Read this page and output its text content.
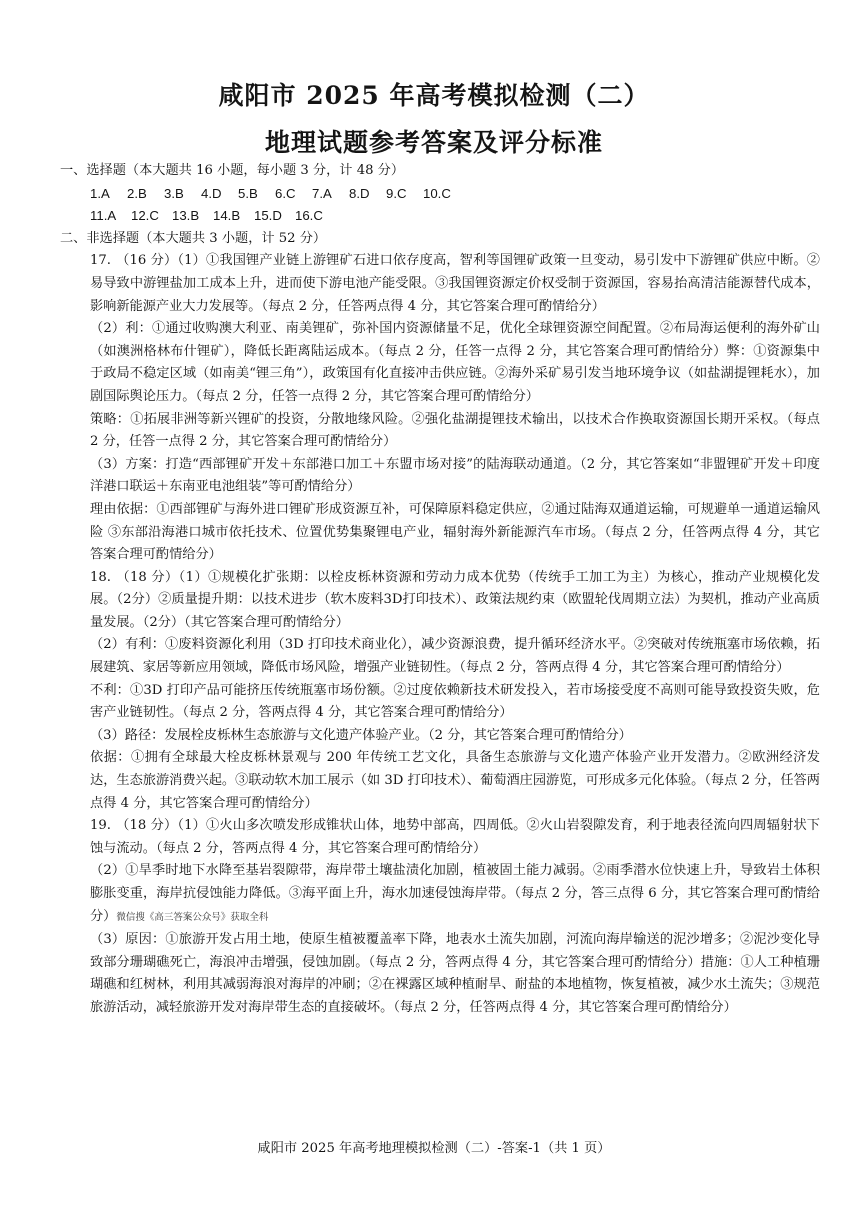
咸阳市 2025 年高考模拟检测（二）
地理试题参考答案及评分标准

一、选择题（本大题共 16 小题，每小题 3 分，计 48 分）

1.A 2.B 3.B 4.D 5.B 6.C 7.A 8.D 9.C 10.C
11.A 12.C 13.B 14.B 15.D 16.C

二、非选择题（本大题共 3 小题，计 52 分）

17. （16 分）（1）①我国锂产业链上游锂矿石进口依存度高，智利等国锂矿政策一旦变动，易引发中下游锂矿供应中断。②易导致中游锂盐加工成本上升，进而使下游电池产能受限。③我国锂资源定价权受制于资源国，容易抬高清洁能源替代成本，影响新能源产业大力发展等。（每点 2 分，任答两点得 4 分，其它答案合理可酌情给分）

（2）利：①通过收购澳大利亚、南美锂矿，弥补国内资源储量不足，优化全球锂资源空间配置。②布局海运便利的海外矿山（如澳洲格林布什锂矿），降低长距离陆运成本。（每点 2 分，任答一点得 2 分，其它答案合理可酌情给分）弊：①资源集中于政局不稳定区域（如南美“锂三角”），政策国有化直接冲击供应链。②海外采矿易引发当地环境争议（如盐湖提锂耗水），加剧国际舆论压力。（每点 2 分，任答一点得 2 分，其它答案合理可酌情给分）

策略：①拓展非洲等新兴锂矿的投资，分散地缘风险。②强化盐湖提锂技术输出，以技术合作换取资源国长期开采权。（每点 2 分，任答一点得 2 分，其它答案合理可酌情给分）

（3）方案：打造“西部锂矿开发＋东部港口加工＋东盟市场对接”的陆海联动通道。（2 分，其它答案如“非盟锂矿开发＋印度洋港口联运＋东南亚电池组装”等可酌情给分）

理由依据：①西部锂矿与海外进口锂矿形成资源互补，可保障原料稳定供应，②通过陆海双通道运输，可规避单一通道运输风险 ③东部沿海港口城市依托技术、位置优势集聚锂电产业，辐射海外新能源汽车市场。（每点 2 分，任答两点得 4 分，其它答案合理可酌情给分）

18. （18 分）（1）①规模化扩张期：以栓皮栎林资源和劳动力成本优势（传统手工加工为主）为核心，推动产业规模化发展。（2分）②质量提升期：以技术进步（软木废料3D打印技术）、政策法规约束（欧盟轮伐周期立法）为契机，推动产业高质量发展。（2分）（其它答案合理可酌情给分）

（2）有利：①废料资源化利用（3D 打印技术商业化），减少资源浪费，提升循环经济水平。②突破对传统瓶塞市场依赖，拓展建筑、家居等新应用领域，降低市场风险，增强产业链韧性。（每点 2 分，答两点得 4 分，其它答案合理可酌情给分）

不利：①3D 打印产品可能挤压传统瓶塞市场份额。②过度依赖新技术研发投入，若市场接受度不高则可能导致投资失败，危害产业链韧性。（每点 2 分，答两点得 4 分，其它答案合理可酌情给分）

（3）路径：发展栓皮栎林生态旅游与文化遗产体验产业。（2 分，其它答案合理可酌情给分）

依据：①拥有全球最大栓皮栎林景观与 200 年传统工艺文化，具备生态旅游与文化遗产体验产业开发潜力。②欧洲经济发达，生态旅游消费兴起。③联动软木加工展示（如 3D 打印技术）、葡萄酒庄园游览，可形成多元化体验。（每点 2 分，任答两点得 4 分，其它答案合理可酌情给分）

19. （18 分）（1）①火山多次喷发形成锥状山体，地势中部高，四周低。②火山岩裂隙发育，利于地表径流向四周辐射状下蚀与流动。（每点 2 分，答两点得 4 分，其它答案合理可酌情给分）

（2）①旱季时地下水降至基岩裂隙带，海岸带土壤盐渍化加剧，植被固土能力减弱。②雨季潜水位快速上升，导致岩土体积膨胀变重，海岸抗侵蚀能力降低。③海平面上升，海水加速侵蚀海岸带。（每点 2 分，答三点得 6 分，其它答案合理可酌情给分）微信搜《高三答案公众号》获取全科

（3）原因：①旅游开发占用土地，使原生植被覆盖率下降，地表水土流失加剧，河流向海岸输送的泥沙增多；②泥沙变化导致部分珊瑚礁死亡，海浪冲击增强，侵蚀加剧。（每点 2 分，答两点得 4 分，其它答案合理可酌情给分）措施：①人工种植珊瑚礁和红树林，利用其减弱海浪对海岸的冲刷；②在裸露区域种植耐旱、耐盐的本地植物，恢复植被，减少水土流失；③规范旅游活动，减轻旅游开发对海岸带生态的直接破坏。（每点 2 分，任答两点得 4 分，其它答案合理可酌情给分）

咸阳市 2025 年高考地理模拟检测（二）-答案-1（共 1 页）
